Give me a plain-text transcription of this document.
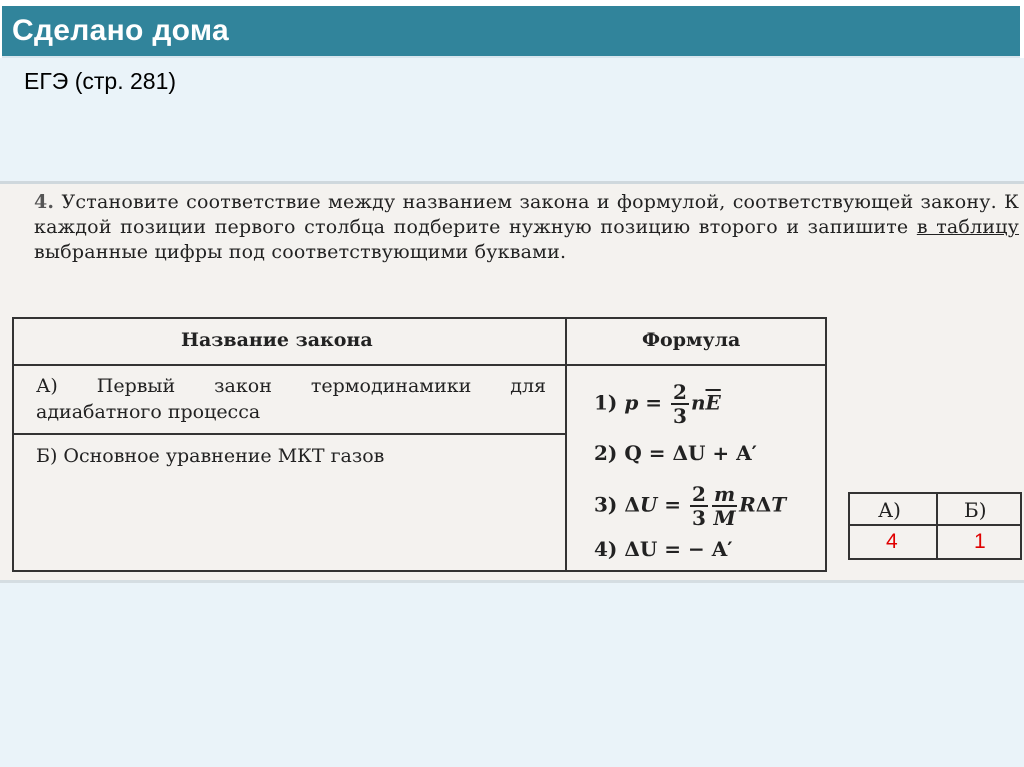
Сделано дома
ЕГЭ (стр. 281)
4. Установите соответствие между названием закона и формулой, соответствующей закону. К каждой позиции первого столбца подберите нужную позицию второго и запишите в таблицу выбранные цифры под соответствующими буквами.
Название закона	Формула
А) Первый закон термодинамики для адиабатного процесса
Б) Основное уравнение МКТ газов
1) $p = \frac{2}{3} n\overline{E}$
2) Q = ΔU + A′
3) $\Delta U = \frac{2}{3} \frac{m}{M}$ RΔT
4) ΔU = − A′
А)	Б)
4	1
